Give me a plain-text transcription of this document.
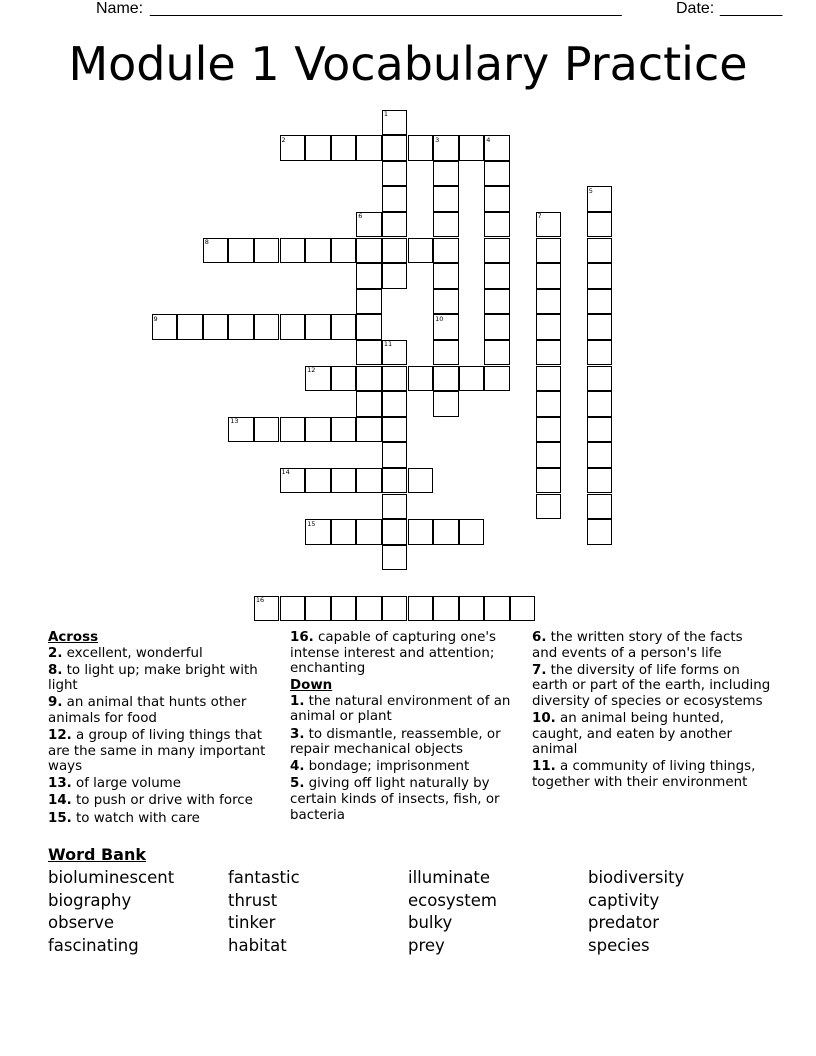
Name: _____________________________________________________	Date: _______
Module 1 Vocabulary Practice
1
2	3	4
5
6	7
8
9	10
11
12
13
14
15
16
Across
2. excellent, wonderful
8. to light up; make bright with light
9. an animal that hunts other animals for food
12. a group of living things that are the same in many important ways
13. of large volume
14. to push or drive with force
15. to watch with care
16. capable of capturing one's intense interest and attention; enchanting
Down
1. the natural environment of an animal or plant
3. to dismantle, reassemble, or repair mechanical objects
4. bondage; imprisonment
5. giving off light naturally by certain kinds of insects, fish, or bacteria
6. the written story of the facts and events of a person's life
7. the diversity of life forms on earth or part of the earth, including diversity of species or ecosystems
10. an animal being hunted, caught, and eaten by another animal
11. a community of living things, together with their environment
Word Bank
bioluminescent	fantastic	illuminate	biodiversity
biography	thrust	ecosystem	captivity
observe	tinker	bulky	predator
fascinating	habitat	prey	species
